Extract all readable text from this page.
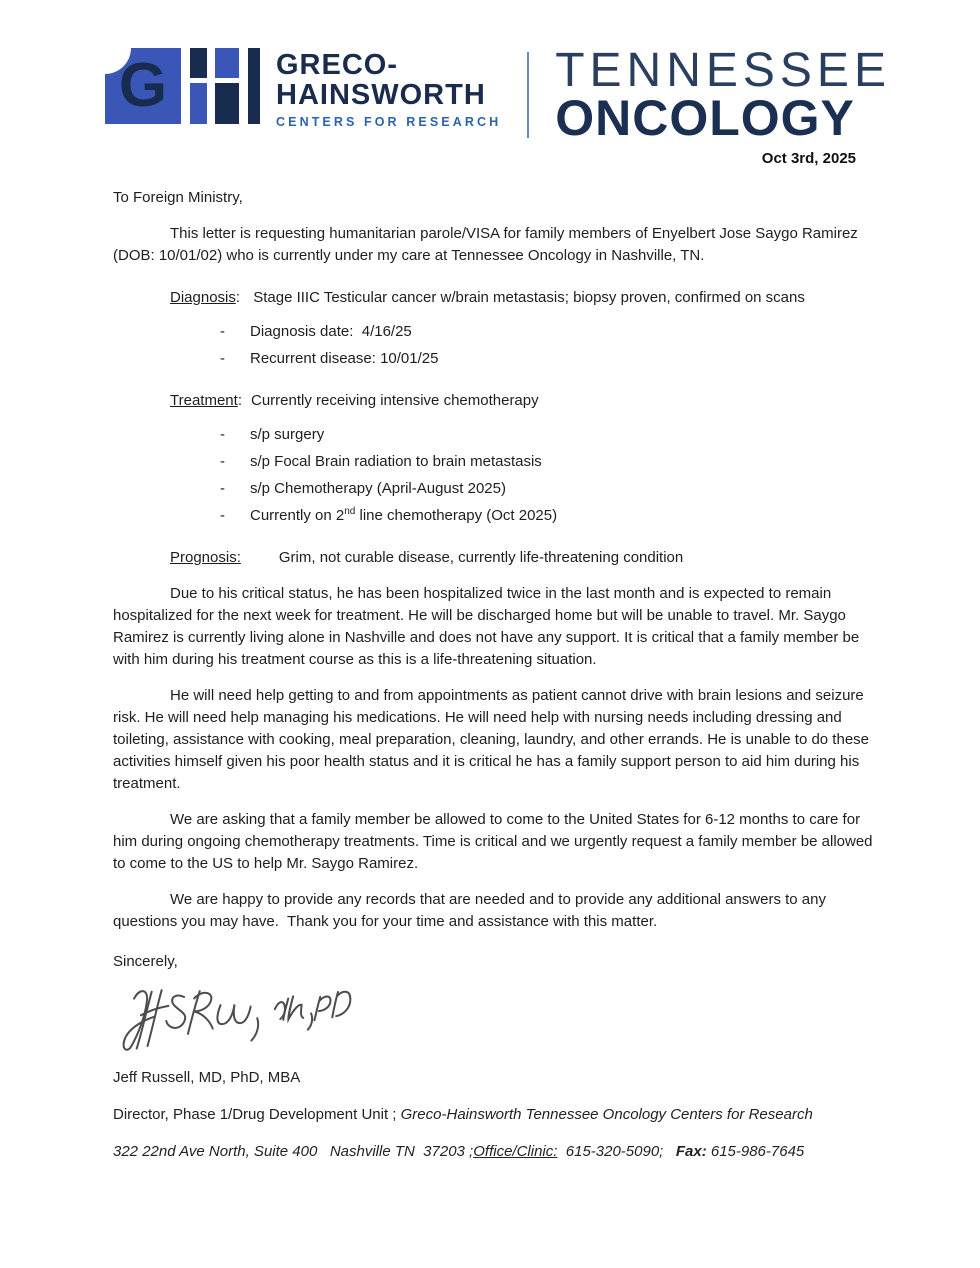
G	GRECO-
HAINSWORTH
CENTERS FOR RESEARCH
TENNESSEE
ONCOLOGY
Oct 3rd, 2025

To Foreign Ministry,

This letter is requesting humanitarian parole/VISA for family members of Enyelbert Jose Saygo Ramirez (DOB: 10/01/02) who is currently under my care at Tennessee Oncology in Nashville, TN.

Diagnosis: Stage IIIC Testicular cancer w/brain metastasis; biopsy proven, confirmed on scans
-	Diagnosis date:  4/16/25
-	Recurrent disease: 10/01/25
Treatment: Currently receiving intensive chemotherapy
-	s/p surgery
-	s/p Focal Brain radiation to brain metastasis
-	s/p Chemotherapy (April-August 2025)
-	Currently on 2nd line chemotherapy (Oct 2025)
Prognosis:	Grim, not curable disease, currently life-threatening condition

Due to his critical status, he has been hospitalized twice in the last month and is expected to remain hospitalized for the next week for treatment. He will be discharged home but will be unable to travel. Mr. Saygo Ramirez is currently living alone in Nashville and does not have any support. It is critical that a family member be with him during his treatment course as this is a life-threatening situation.

He will need help getting to and from appointments as patient cannot drive with brain lesions and seizure risk. He will need help managing his medications. He will need help with nursing needs including dressing and toileting, assistance with cooking, meal preparation, cleaning, laundry, and other errands. He is unable to do these activities himself given his poor health status and it is critical he has a family support person to aid him during his treatment.

We are asking that a family member be allowed to come to the United States for 6-12 months to care for him during ongoing chemotherapy treatments. Time is critical and we urgently request a family member be allowed to come to the US to help Mr. Saygo Ramirez.

We are happy to provide any records that are needed and to provide any additional answers to any questions you may have.  Thank you for your time and assistance with this matter.

Sincerely,

Jeff Russell, MD, PhD, MBA

Director, Phase 1/Drug Development Unit ; Greco-Hainsworth Tennessee Oncology Centers for Research

322 22nd Ave North, Suite 400   Nashville TN  37203 ;Office/Clinic:  615-320-5090;   Fax: 615-986-7645
